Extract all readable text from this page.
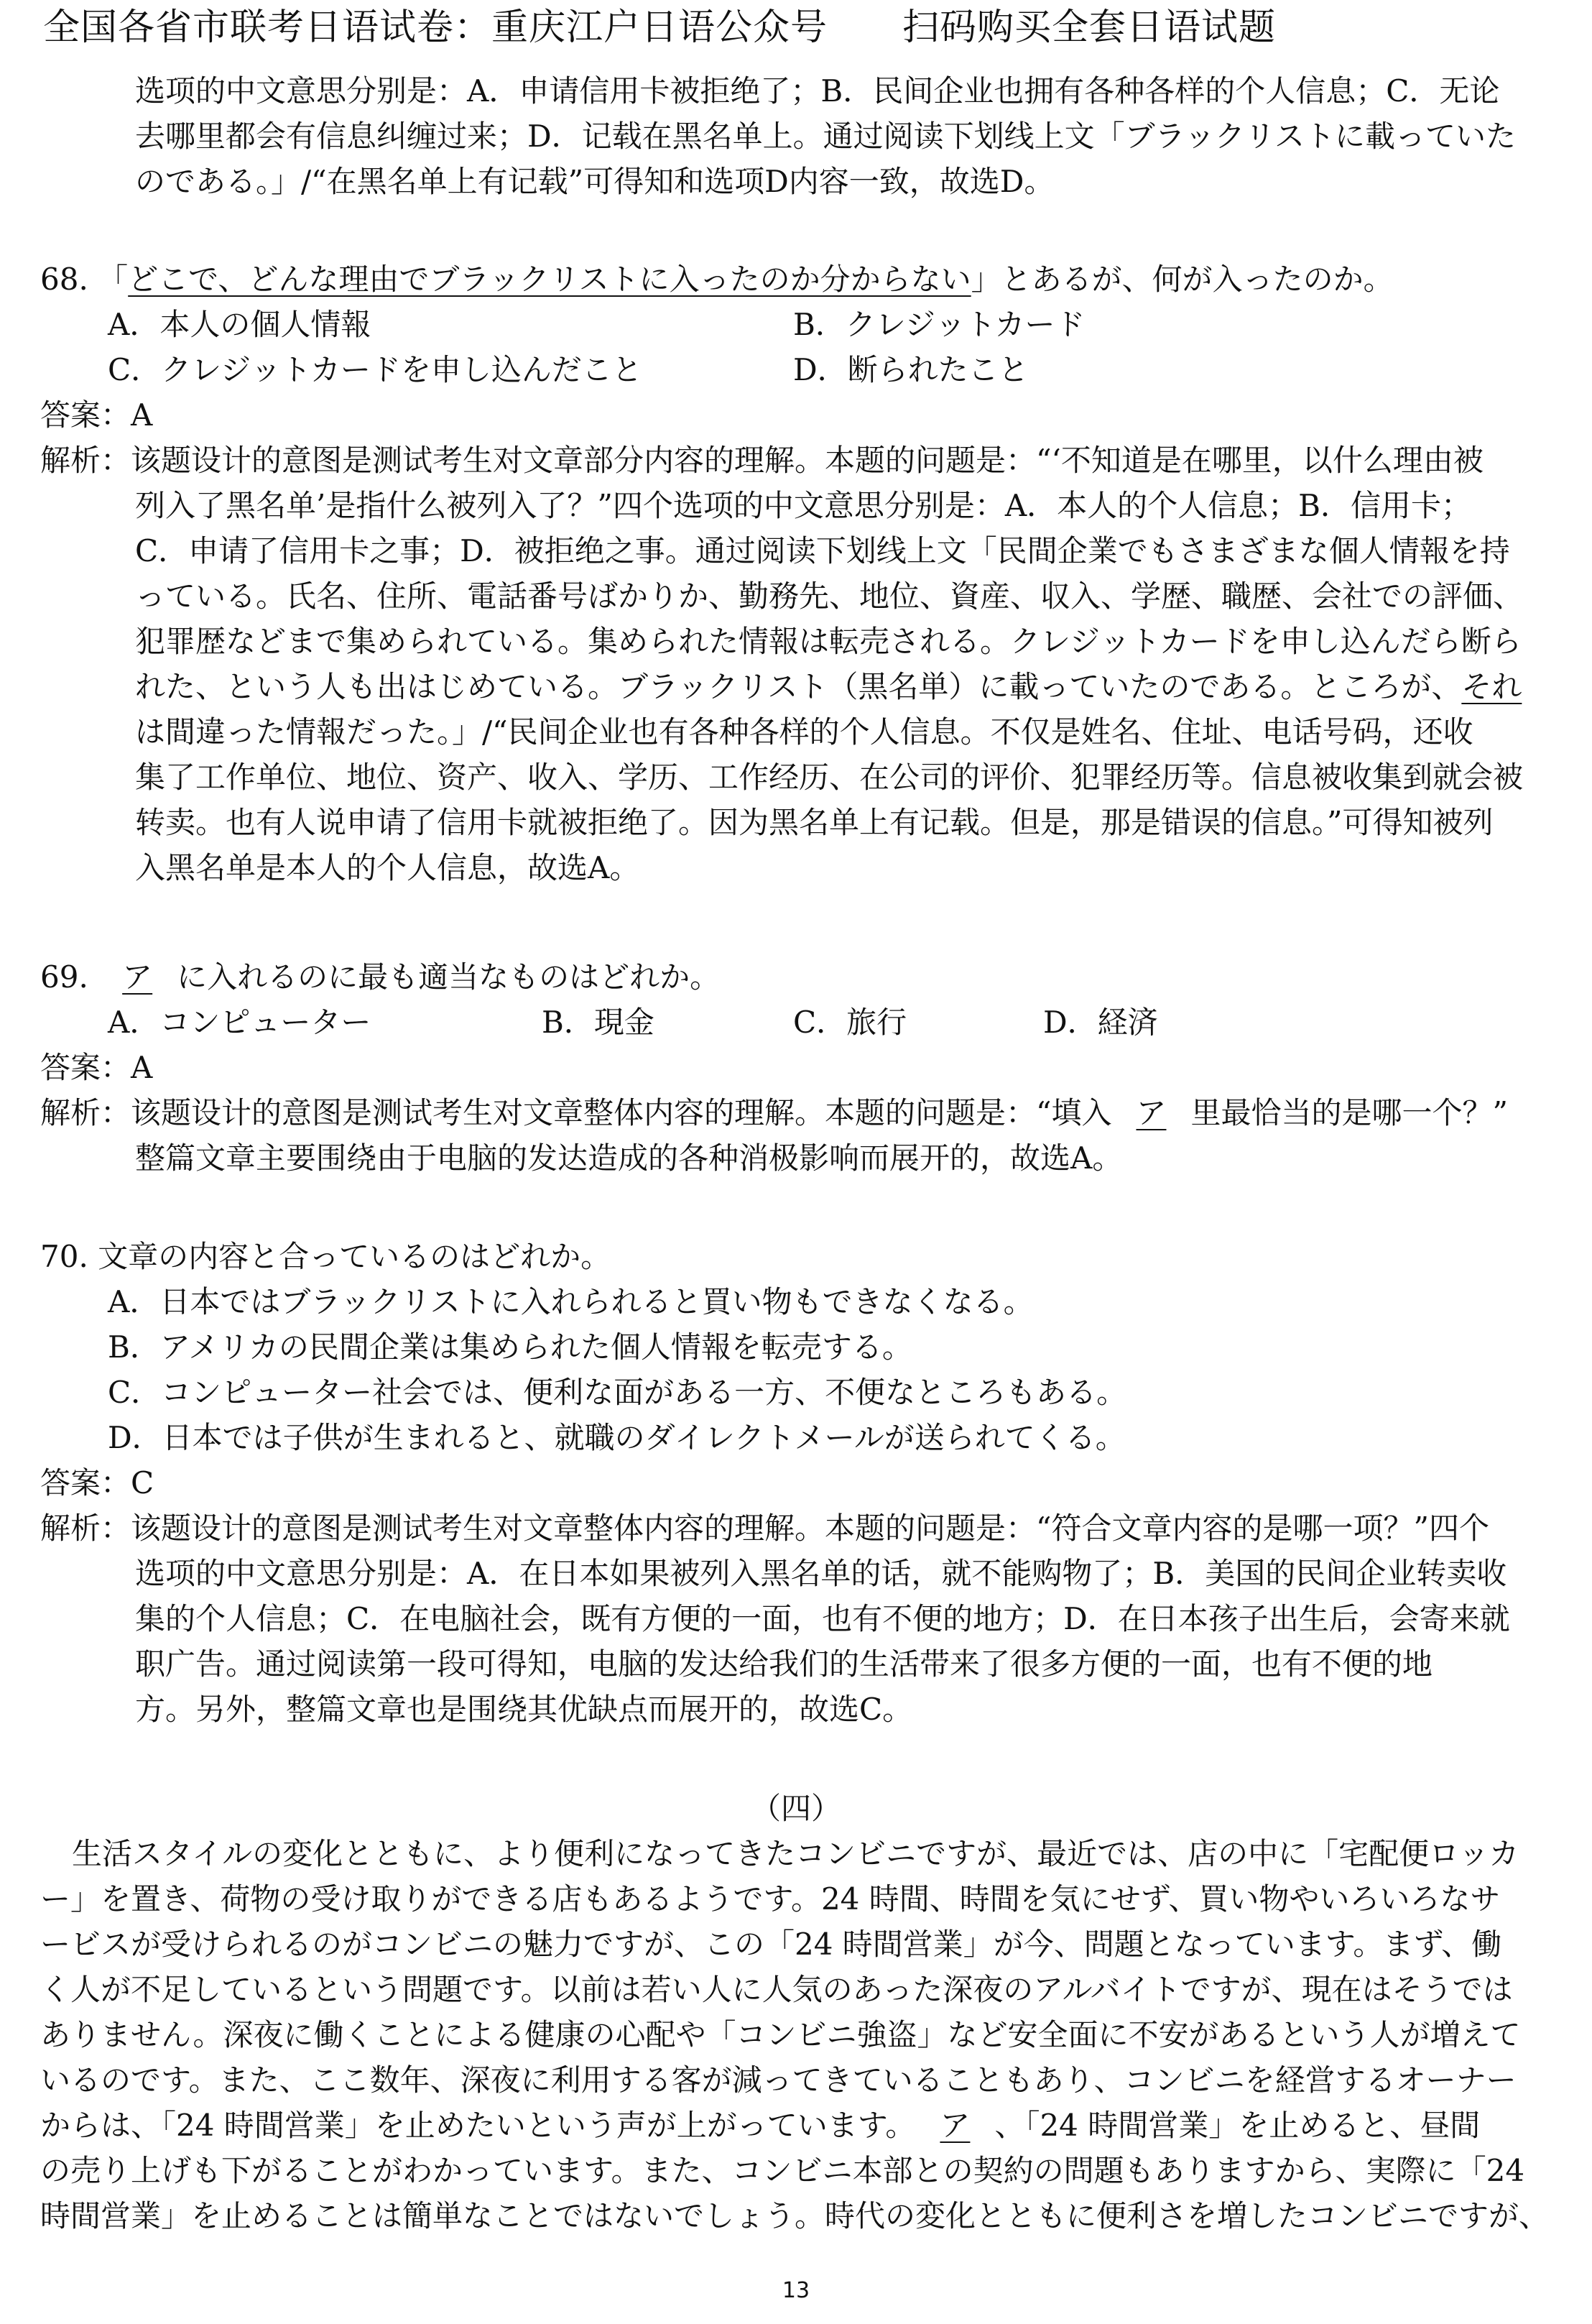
全国各省市联考日语试卷：重庆江户日语公众号　　扫码购买全套日语试题
选项的中文意思分别是：A．申请信用卡被拒绝了；B．民间企业也拥有各种各样的个人信息；C．无论
去哪里都会有信息纠缠过来；D．记载在黑名单上。通过阅读下划线上文「ブラックリストに載っていた
のである。」/“在黑名单上有记载”可得知和选项D内容一致，故选D。
68. 「どこで、どんな理由でブラックリストに入ったのか分からない」とあるが、何が入ったのか。
A．本人の個人情報	B．クレジットカード
C．クレジットカードを申し込んだこと	D．断られたこと
答案：A
解析：该题设计的意图是测试考生对文章部分内容的理解。本题的问题是：“‘不知道是在哪里，以什么理由被
列入了黑名单’是指什么被列入了？”四个选项的中文意思分别是：A．本人的个人信息；B．信用卡；
C．申请了信用卡之事；D．被拒绝之事。通过阅读下划线上文「民間企業でもさまざまな個人情報を持
っている。氏名、住所、電話番号ばかりか、勤務先、地位、資産、収入、学歴、職歴、会社での評価、
犯罪歴などまで集められている。集められた情報は転売される。クレジットカードを申し込んだら断ら
れた、という人も出はじめている。ブラックリスト（黒名単）に載っていたのである。ところが、それ
は間違った情報だった。」/“民间企业也有各种各样的个人信息。不仅是姓名、住址、电话号码，还收
集了工作单位、地位、资产、收入、学历、工作经历、在公司的评价、犯罪经历等。信息被收集到就会被
转卖。也有人说申请了信用卡就被拒绝了。因为黑名单上有记载。但是，那是错误的信息。”可得知被列
入黑名单是本人的个人信息，故选A。
69. ア に入れるのに最も適当なものはどれか。
A．コンピューター	B．現金	C．旅行	D．経済
答案：A
解析：该题设计的意图是测试考生对文章整体内容的理解。本题的问题是：“填入 ア 里最恰当的是哪一个？”
整篇文章主要围绕由于电脑的发达造成的各种消极影响而展开的，故选A。
70. 文章の内容と合っているのはどれか。
A．日本ではブラックリストに入れられると買い物もできなくなる。
B．アメリカの民間企業は集められた個人情報を転売する。
C．コンピューター社会では、便利な面がある一方、不便なところもある。
D．日本では子供が生まれると、就職のダイレクトメールが送られてくる。
答案：C
解析：该题设计的意图是测试考生对文章整体内容的理解。本题的问题是：“符合文章内容的是哪一项？”四个
选项的中文意思分别是：A．在日本如果被列入黑名单的话，就不能购物了；B．美国的民间企业转卖收
集的个人信息；C．在电脑社会，既有方便的一面，也有不便的地方；D．在日本孩子出生后，会寄来就
职广告。通过阅读第一段可得知，电脑的发达给我们的生活带来了很多方便的一面，也有不便的地
方。另外，整篇文章也是围绕其优缺点而展开的，故选C。
（四）
生活スタイルの変化とともに、より便利になってきたコンビニですが、最近では、店の中に「宅配便ロッカ
ー」を置き、荷物の受け取りができる店もあるようです。24 時間、時間を気にせず、買い物やいろいろなサ
ービスが受けられるのがコンビニの魅力ですが、この「24 時間営業」が今、問題となっています。まず、働
く人が不足しているという問題です。以前は若い人に人気のあった深夜のアルバイトですが、現在はそうでは
ありません。深夜に働くことによる健康の心配や「コンビニ強盗」など安全面に不安があるという人が増えて
いるのです。また、ここ数年、深夜に利用する客が減ってきていることもあり、コンビニを経営するオーナー
からは、「24 時間営業」を止めたいという声が上がっています。 ア 、「24 時間営業」を止めると、昼間
の売り上げも下がることがわかっています。また、コンビニ本部との契約の問題もありますから、実際に「24
時間営業」を止めることは簡単なことではないでしょう。時代の変化とともに便利さを増したコンビニですが、
13
